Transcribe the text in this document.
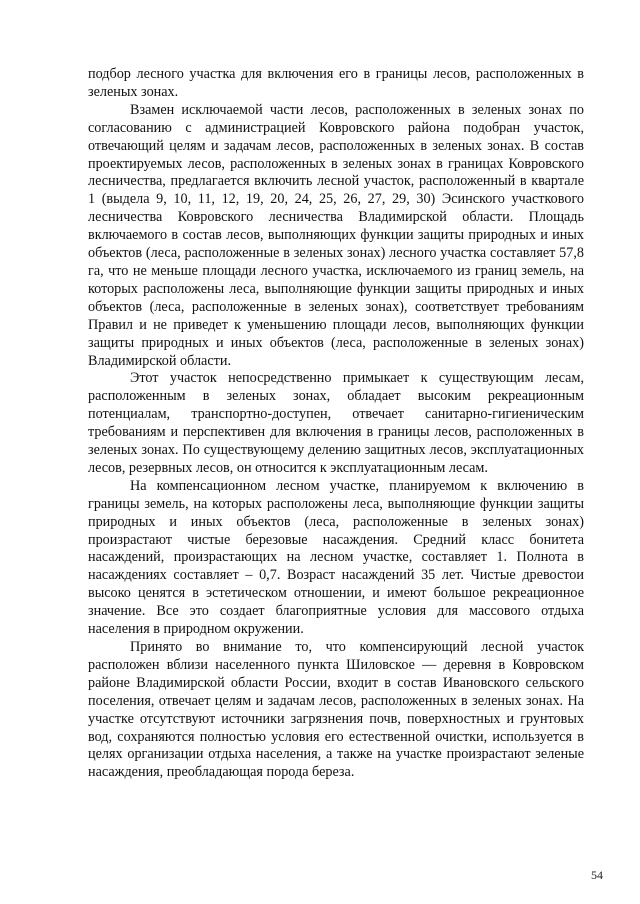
подбор лесного участка для включения его в границы лесов, расположенных в зеленых зонах.

Взамен исключаемой части лесов, расположенных в зеленых зонах по согласованию с администрацией Ковровского района подобран участок, отвечающий целям и задачам лесов, расположенных в зеленых зонах. В состав проектируемых лесов, расположенных в зеленых зонах в границах Ковровского лесничества, предлагается включить лесной участок, расположенный в квартале 1 (выдела 9, 10, 11, 12, 19, 20, 24, 25, 26, 27, 29, 30) Эсинского участкового лесничества Ковровского лесничества Владимирской области. Площадь включаемого в состав лесов, выполняющих функции защиты природных и иных объектов (леса, расположенные в зеленых зонах) лесного участка составляет 57,8 га, что не меньше площади лесного участка, исключаемого из границ земель, на которых расположены леса, выполняющие функции защиты природных и иных объектов (леса, расположенные в зеленых зонах), соответствует требованиям Правил и не приведет к уменьшению площади лесов, выполняющих функции защиты природных и иных объектов (леса, расположенные в зеленых зонах) Владимирской области.

Этот участок непосредственно примыкает к существующим лесам, расположенным в зеленых зонах, обладает высоким рекреационным потенциалам, транспортно-доступен, отвечает санитарно-гигиеническим требованиям и перспективен для включения в границы лесов, расположенных в зеленых зонах. По существующему делению защитных лесов, эксплуатационных лесов, резервных лесов, он относится к эксплуатационным лесам.

На компенсационном лесном участке, планируемом к включению в границы земель, на которых расположены леса, выполняющие функции защиты природных и иных объектов (леса, расположенные в зеленых зонах) произрастают чистые березовые насаждения. Средний класс бонитета насаждений, произрастающих на лесном участке, составляет 1. Полнота в насаждениях составляет – 0,7. Возраст насаждений 35 лет. Чистые древостои высоко ценятся в эстетическом отношении, и имеют большое рекреационное значение. Все это создает благоприятные условия для массового отдыха населения в природном окружении.

Принято во внимание то, что компенсирующий лесной участок расположен вблизи населенного пункта Шиловское — деревня в Ковровском районе Владимирской области России, входит в состав Ивановского сельского поселения, отвечает целям и задачам лесов, расположенных в зеленых зонах. На участке отсутствуют источники загрязнения почв, поверхностных и грунтовых вод, сохраняются полностью условия его естественной очистки, используется в целях организации отдыха населения, а также на участке произрастают зеленые насаждения, преобладающая порода береза.

54
